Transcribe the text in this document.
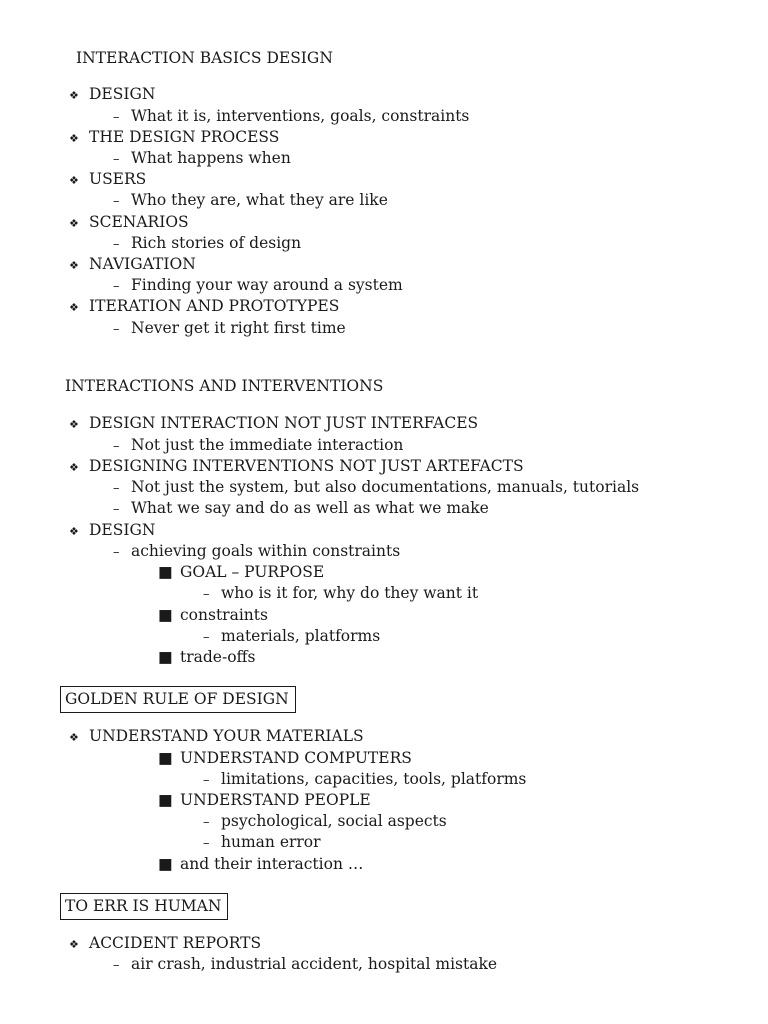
INTERACTION BASICS DESIGN
INTERACTIONS AND INTERVENTIONS
GOLDEN RULE OF DESIGN
TO ERR IS HUMAN
❖ DESIGN
– What it is, interventions, goals, constraints
❖ THE DESIGN PROCESS
– What happens when
❖ USERS
– Who they are, what they are like
❖ SCENARIOS
– Rich stories of design
❖ NAVIGATION
– Finding your way around a system
❖ ITERATION AND PROTOTYPES
– Never get it right first time
❖ DESIGN INTERACTION NOT JUST INTERFACES
– Not just the immediate interaction
❖ DESIGNING INTERVENTIONS NOT JUST ARTEFACTS
– Not just the system, but also documentations, manuals, tutorials
– What we say and do as well as what we make
❖ DESIGN
– achieving goals within constraints
■ GOAL – PURPOSE
– who is it for, why do they want it
■ constraints
– materials, platforms
■ trade-offs
❖ UNDERSTAND YOUR MATERIALS
■ UNDERSTAND COMPUTERS
– limitations, capacities, tools, platforms
■ UNDERSTAND PEOPLE
– psychological, social aspects
– human error
■ and their interaction …
❖ ACCIDENT REPORTS
– air crash, industrial accident, hospital mistake
